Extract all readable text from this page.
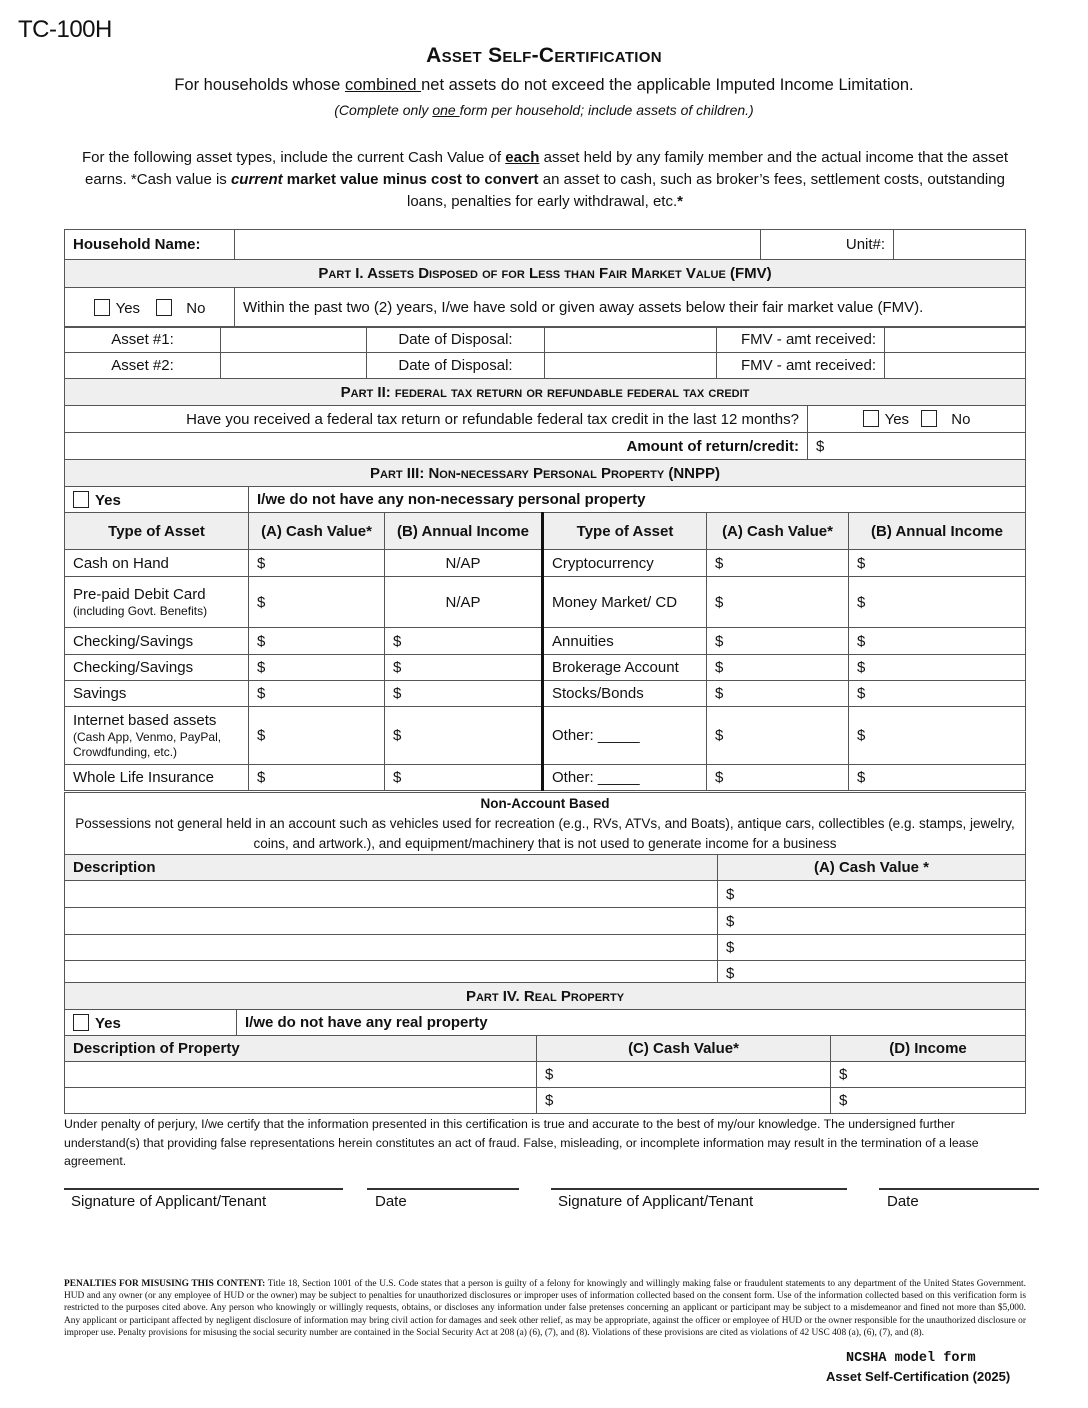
TC-100H
Asset Self-Certification
For households whose combined net assets do not exceed the applicable Imputed Income Limitation.
(Complete only one form per household; include assets of children.)
For the following asset types, include the current Cash Value of each asset held by any family member and the actual income that the asset earns. *Cash value is current market value minus cost to convert an asset to cash, such as broker’s fees, settlement costs, outstanding loans, penalties for early withdrawal, etc.*
Household Name:		Unit#:	
Part I. Assets Disposed of for Less than Fair Market Value (FMV)			
Yes No	Within the past two (2) years, I/we have sold or given away assets below their fair market value (FMV).		
Asset #1:		Date of Disposal:		FMV - amt received:	
Asset #2:		Date of Disposal:		FMV - amt received:	
Part II: federal tax return or refundable federal tax credit	
Have you received a federal tax return or refundable federal tax credit in the last 12 months?	Yes No
Amount of return/credit:	$
Part III: Non-necessary Personal Property (NNPP)					
Yes	I/we do not have any non-necessary personal property				
Type of Asset	(A) Cash Value*	(B) Annual Income	Type of Asset	(A) Cash Value*	(B) Annual Income
Cash on Hand	$	N/AP	Cryptocurrency	$	$
Pre-paid Debit Card
(including Govt. Benefits)	$	N/AP	Money Market/ CD	$	$
Checking/Savings	$	$	Annuities	$	$
Checking/Savings	$	$	Brokerage Account	$	$
Savings	$	$	Stocks/Bonds	$	$
Internet based assets
(Cash App, Venmo, PayPal, Crowdfunding, etc.)	$	$	Other: _____	$	$
Whole Life Insurance	$	$	Other: _____	$	$
Non-Account Based
Possessions not general held in an account such as vehicles used for recreation (e.g., RVs, ATVs, and Boats), antique cars, collectibles (e.g. stamps, jewelry, coins, and artwork.), and equipment/machinery that is not used to generate income for a business	
Description	(A) Cash Value *
	$
	$
	$
	$
Part IV. Real Property			
Yes	I/we do not have any real property		
Description of Property		(C) Cash Value*	(D) Income
		$	$
		$	$
Under penalty of perjury, I/we certify that the information presented in this certification is true and accurate to the best of my/our knowledge. The undersigned further understand(s) that providing false representations herein constitutes an act of fraud. False, misleading, or incomplete information may result in the termination of a lease agreement.
Signature of Applicant/Tenant	Date	Signature of Applicant/Tenant	Date
PENALTIES FOR MISUSING THIS CONTENT: Title 18, Section 1001 of the U.S. Code states that a person is guilty of a felony for knowingly and willingly making false or fraudulent statements to any department of the United States Government. HUD and any owner (or any employee of HUD or the owner) may be subject to penalties for unauthorized disclosures or improper uses of information collected based on the consent form. Use of the information collected based on this verification form is restricted to the purposes cited above. Any person who knowingly or willingly requests, obtains, or discloses any information under false pretenses concerning an applicant or participant may be subject to a misdemeanor and fined not more than $5,000. Any applicant or participant affected by negligent disclosure of information may bring civil action for damages and seek other relief, as may be appropriate, against the officer or employee of HUD or the owner responsible for the unauthorized disclosure or improper use. Penalty provisions for misusing the social security number are contained in the Social Security Act at 208 (a) (6), (7), and (8). Violations of these provisions are cited as violations of 42 USC 408 (a), (6), (7), and (8).
NCSHA model form
Asset Self-Certification (2025)
